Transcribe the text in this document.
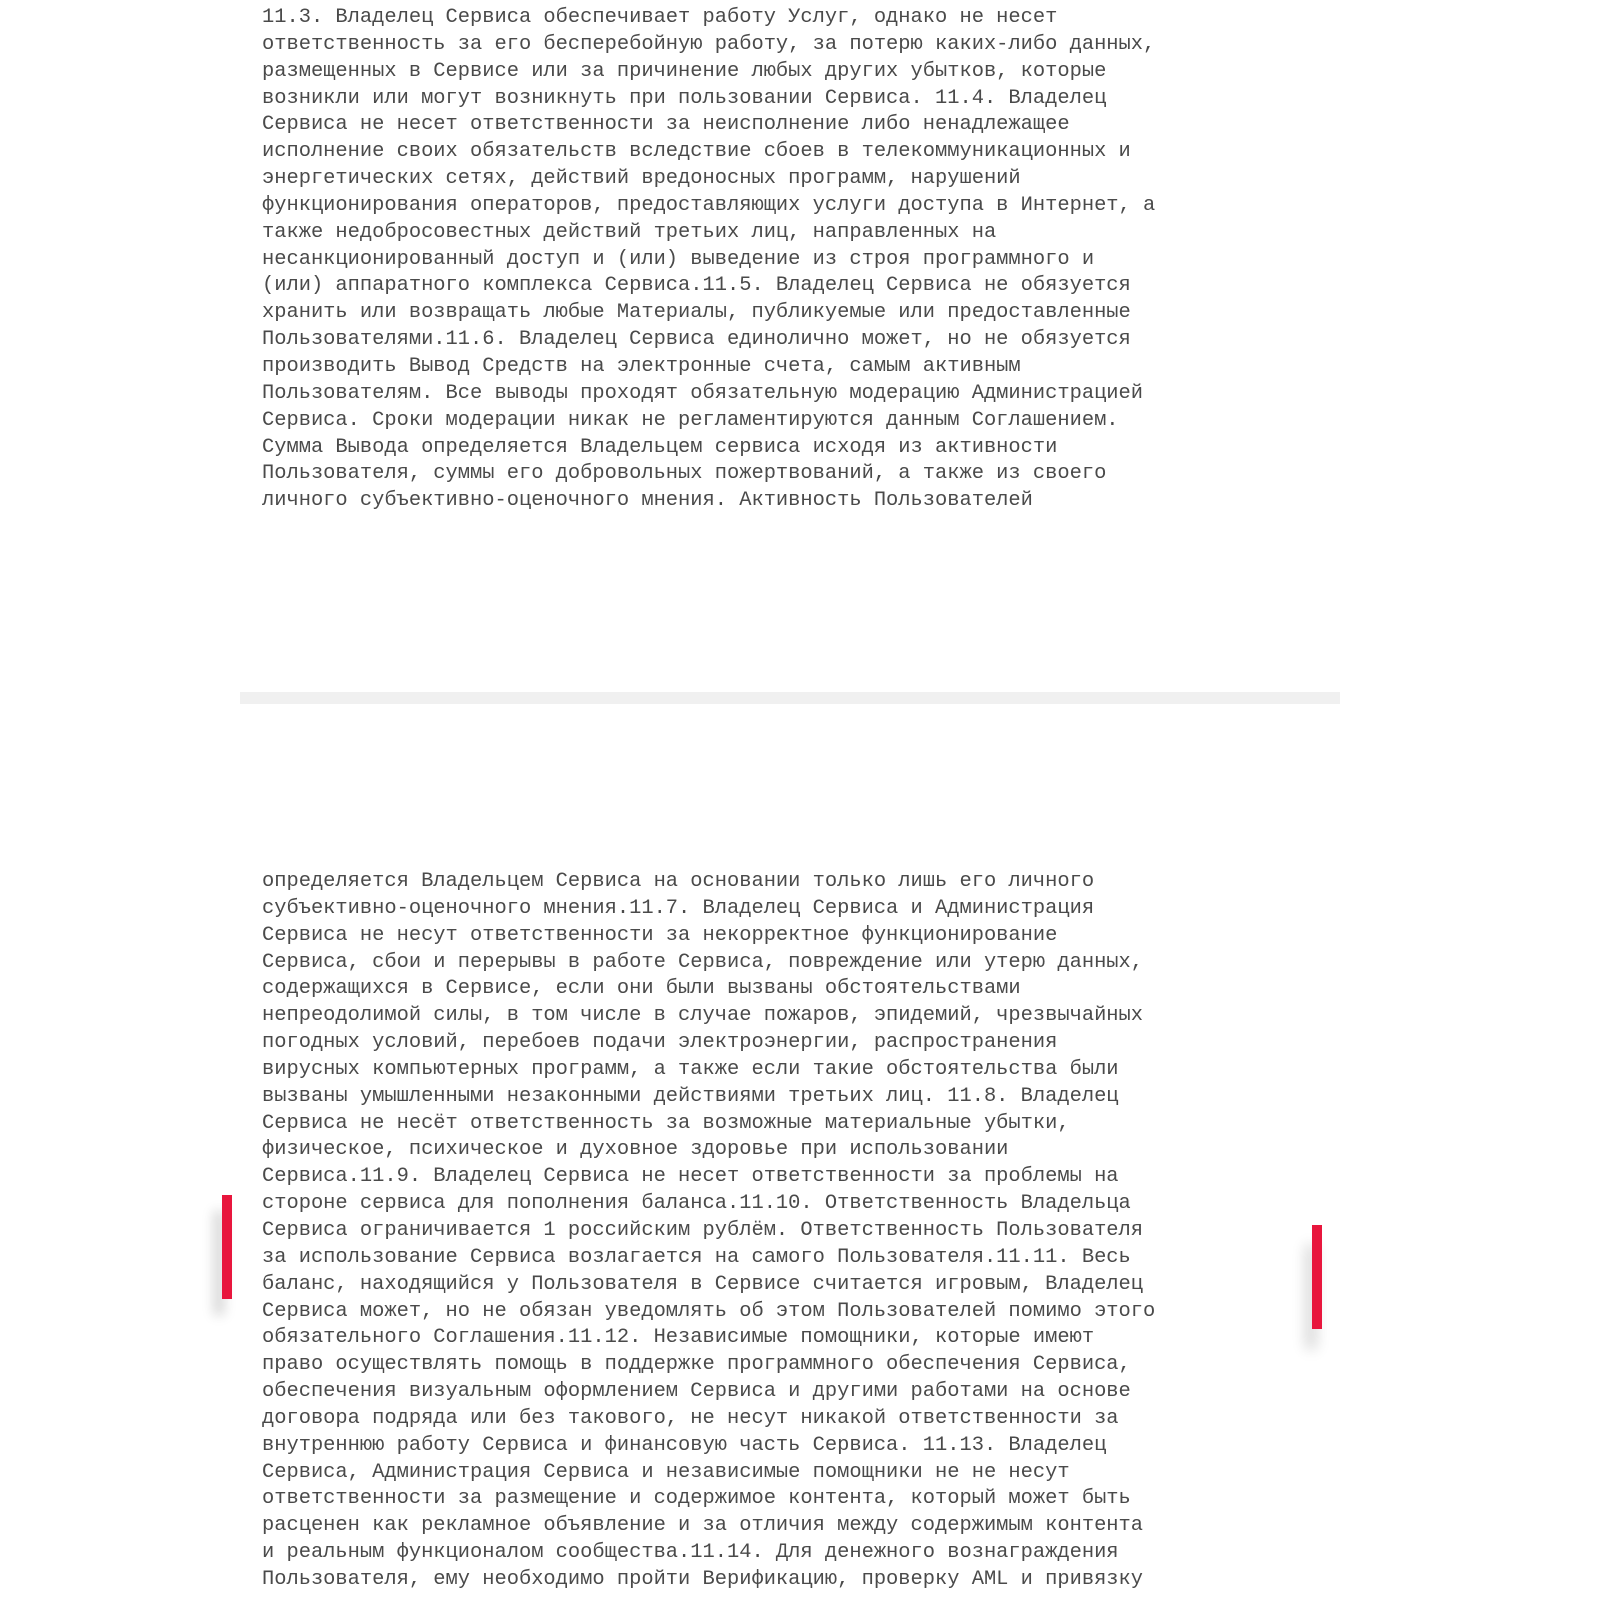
11.3. Владелец Сервиса обеспечивает работу Услуг, однако не несет
ответственность за его бесперебойную работу, за потерю каких-либо данных,
размещенных в Сервисе или за причинение любых других убытков, которые
возникли или могут возникнуть при пользовании Сервиса. 11.4. Владелец
Сервиса не несет ответственности за неисполнение либо ненадлежащее
исполнение своих обязательств вследствие сбоев в телекоммуникационных и
энергетических сетях, действий вредоносных программ, нарушений
функционирования операторов, предоставляющих услуги доступа в Интернет, а
также недобросовестных действий третьих лиц, направленных на
несанкционированный доступ и (или) выведение из строя программного и
(или) аппаратного комплекса Сервиса.11.5. Владелец Сервиса не обязуется
хранить или возвращать любые Материалы, публикуемые или предоставленные
Пользователями.11.6. Владелец Сервиса единолично может, но не обязуется
производить Вывод Средств на электронные счета, самым активным
Пользователям. Все выводы проходят обязательную модерацию Администрацией
Сервиса. Сроки модерации никак не регламентируются данным Соглашением.
Сумма Вывода определяется Владельцем сервиса исходя из активности
Пользователя, суммы его добровольных пожертвований, а также из своего
личного субъективно-оценочного мнения. Активность Пользователей
определяется Владельцем Сервиса на основании только лишь его личного
субъективно-оценочного мнения.11.7. Владелец Сервиса и Администрация
Сервиса не несут ответственности за некорректное функционирование
Сервиса, сбои и перерывы в работе Сервиса, повреждение или утерю данных,
содержащихся в Сервисе, если они были вызваны обстоятельствами
непреодолимой силы, в том числе в случае пожаров, эпидемий, чрезвычайных
погодных условий, перебоев подачи электроэнергии, распространения
вирусных компьютерных программ, а также если такие обстоятельства были
вызваны умышленными незаконными действиями третьих лиц. 11.8. Владелец
Сервиса не несёт ответственность за возможные материальные убытки,
физическое, психическое и духовное здоровье при использовании
Сервиса.11.9. Владелец Сервиса не несет ответственности за проблемы на
стороне сервиса для пополнения баланса.11.10. Ответственность Владельца
Сервиса ограничивается 1 российским рублём. Ответственность Пользователя
за использование Сервиса возлагается на самого Пользователя.11.11. Весь
баланс, находящийся у Пользователя в Сервисе считается игровым, Владелец
Сервиса может, но не обязан уведомлять об этом Пользователей помимо этого
обязательного Соглашения.11.12. Независимые помощники, которые имеют
право осуществлять помощь в поддержке программного обеспечения Сервиса,
обеспечения визуальным оформлением Сервиса и другими работами на основе
договора подряда или без такового, не несут никакой ответственности за
внутреннюю работу Сервиса и финансовую часть Сервиса. 11.13. Владелец
Сервиса, Администрация Сервиса и независимые помощники не не несут
ответственности за размещение и содержимое контента, который может быть
расценен как рекламное объявление и за отличия между содержимым контента
и реальным функционалом сообщества.11.14. Для денежного вознаграждения
Пользователя, ему необходимо пройти Верификацию, проверку AML и привязку
